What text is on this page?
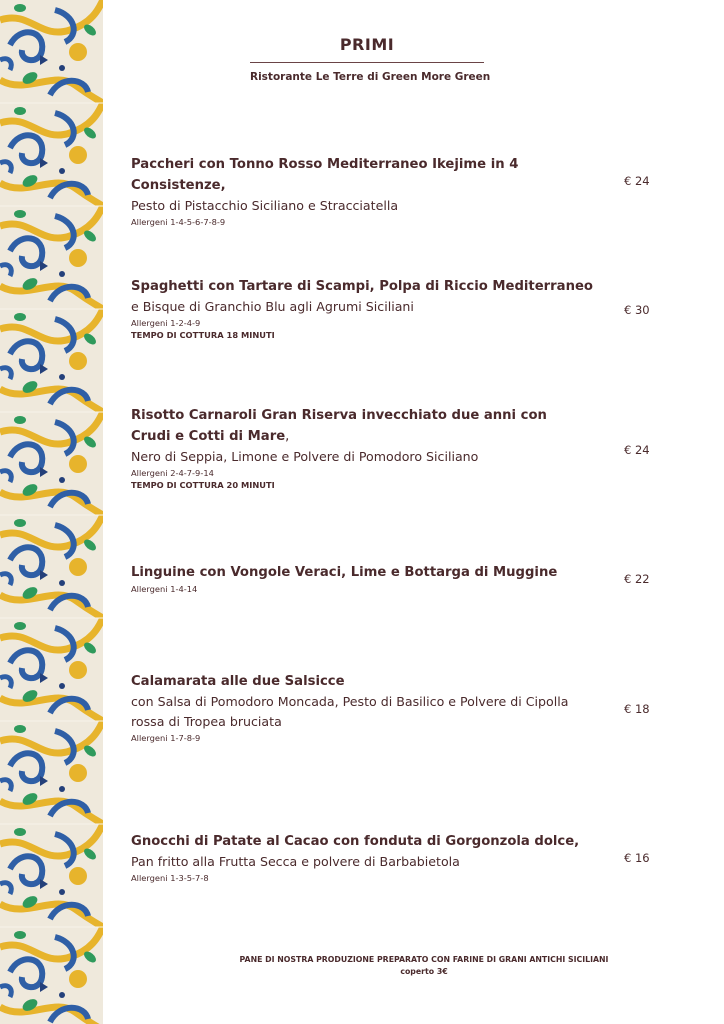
PRIMI
Ristorante Le Terre di Green More Green
Paccheri con Tonno Rosso Mediterraneo Ikejime in 4 Consistenze,
Pesto di Pistacchio Siciliano e Stracciatella
Allergeni 1-4-5-6-7-8-9
€ 24
Spaghetti con Tartare di Scampi, Polpa di Riccio Mediterraneo
e Bisque di Granchio Blu agli Agrumi Siciliani
Allergeni 1-2-4-9
TEMPO DI COTTURA 18 MINUTI
€ 30
Risotto Carnaroli Gran Riserva invecchiato due anni con Crudi e Cotti di Mare,
Nero di Seppia, Limone e Polvere di Pomodoro Siciliano
Allergeni 2-4-7-9-14
TEMPO DI COTTURA 20 MINUTI
€ 24
Linguine con Vongole Veraci, Lime e Bottarga di Muggine
Allergeni 1-4-14
€ 22
Calamarata alle due Salsicce
con Salsa di Pomodoro Moncada, Pesto di Basilico e Polvere di Cipolla rossa di Tropea bruciata
Allergeni 1-7-8-9
€ 18
Gnocchi di Patate al Cacao con fonduta di Gorgonzola dolce,
Pan fritto alla Frutta Secca e polvere di Barbabietola
Allergeni 1-3-5-7-8
€ 16
PANE DI NOSTRA PRODUZIONE PREPARATO CON FARINE DI GRANI ANTICHI SICILIANI
coperto 3€
